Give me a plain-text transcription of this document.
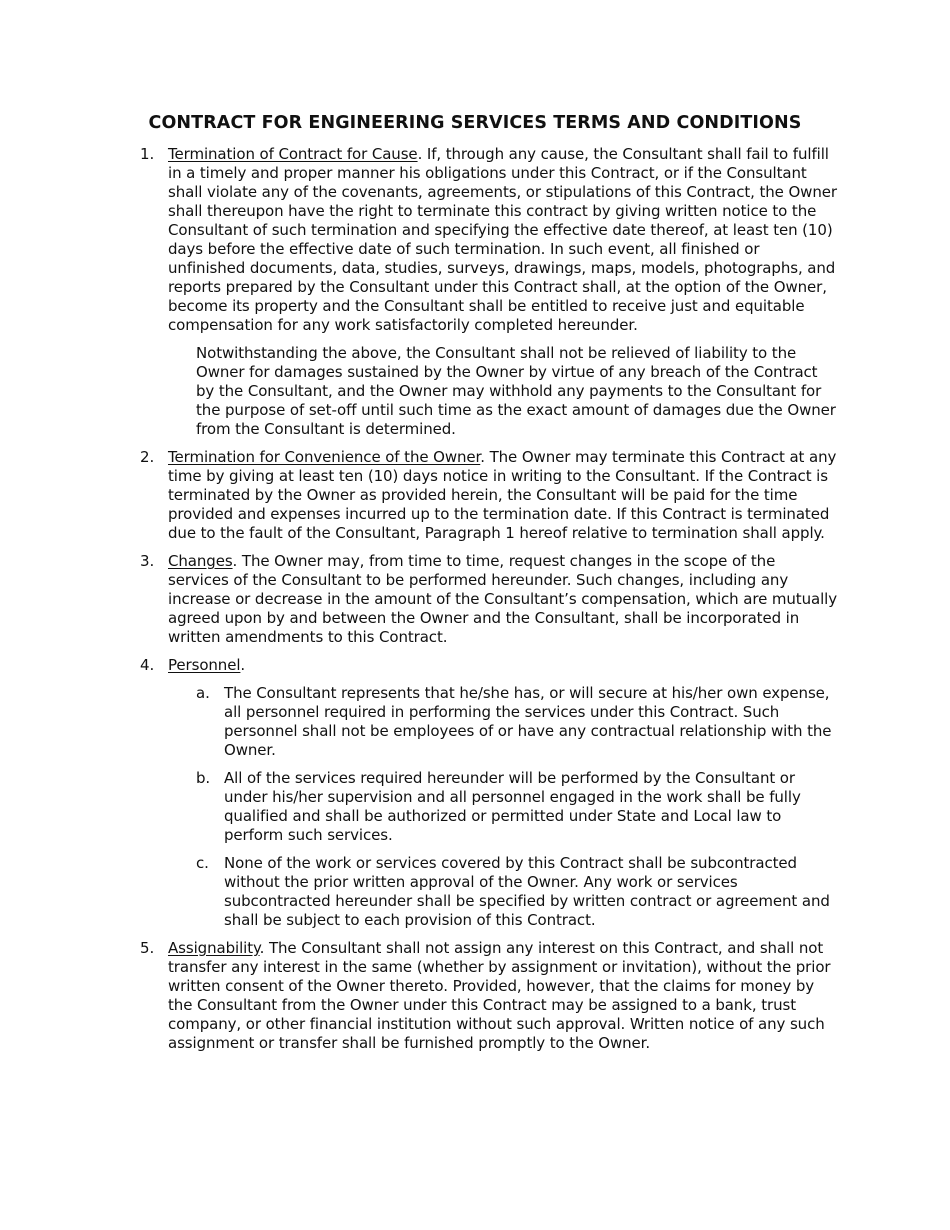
CONTRACT FOR ENGINEERING SERVICES TERMS AND CONDITIONS
1. Termination of Contract for Cause. If, through any cause, the Consultant shall fail to fulfill in a timely and proper manner his obligations under this Contract, or if the Consultant shall violate any of the covenants, agreements, or stipulations of this Contract, the Owner shall thereupon have the right to terminate this contract by giving written notice to the Consultant of such termination and specifying the effective date thereof, at least ten (10) days before the effective date of such termination. In such event, all finished or unfinished documents, data, studies, surveys, drawings, maps, models, photographs, and reports prepared by the Consultant under this Contract shall, at the option of the Owner, become its property and the Consultant shall be entitled to receive just and equitable compensation for any work satisfactorily completed hereunder.
Notwithstanding the above, the Consultant shall not be relieved of liability to the Owner for damages sustained by the Owner by virtue of any breach of the Contract by the Consultant, and the Owner may withhold any payments to the Consultant for the purpose of set-off until such time as the exact amount of damages due the Owner from the Consultant is determined.
2. Termination for Convenience of the Owner. The Owner may terminate this Contract at any time by giving at least ten (10) days notice in writing to the Consultant. If the Contract is terminated by the Owner as provided herein, the Consultant will be paid for the time provided and expenses incurred up to the termination date. If this Contract is terminated due to the fault of the Consultant, Paragraph 1 hereof relative to termination shall apply.
3. Changes. The Owner may, from time to time, request changes in the scope of the services of the Consultant to be performed hereunder. Such changes, including any increase or decrease in the amount of the Consultant’s compensation, which are mutually agreed upon by and between the Owner and the Consultant, shall be incorporated in written amendments to this Contract.
4. Personnel.
a. The Consultant represents that he/she has, or will secure at his/her own expense, all personnel required in performing the services under this Contract. Such personnel shall not be employees of or have any contractual relationship with the Owner.
b. All of the services required hereunder will be performed by the Consultant or under his/her supervision and all personnel engaged in the work shall be fully qualified and shall be authorized or permitted under State and Local law to perform such services.
c. None of the work or services covered by this Contract shall be subcontracted without the prior written approval of the Owner. Any work or services subcontracted hereunder shall be specified by written contract or agreement and shall be subject to each provision of this Contract.
5. Assignability. The Consultant shall not assign any interest on this Contract, and shall not transfer any interest in the same (whether by assignment or invitation), without the prior written consent of the Owner thereto. Provided, however, that the claims for money by the Consultant from the Owner under this Contract may be assigned to a bank, trust company, or other financial institution without such approval. Written notice of any such assignment or transfer shall be furnished promptly to the Owner.
